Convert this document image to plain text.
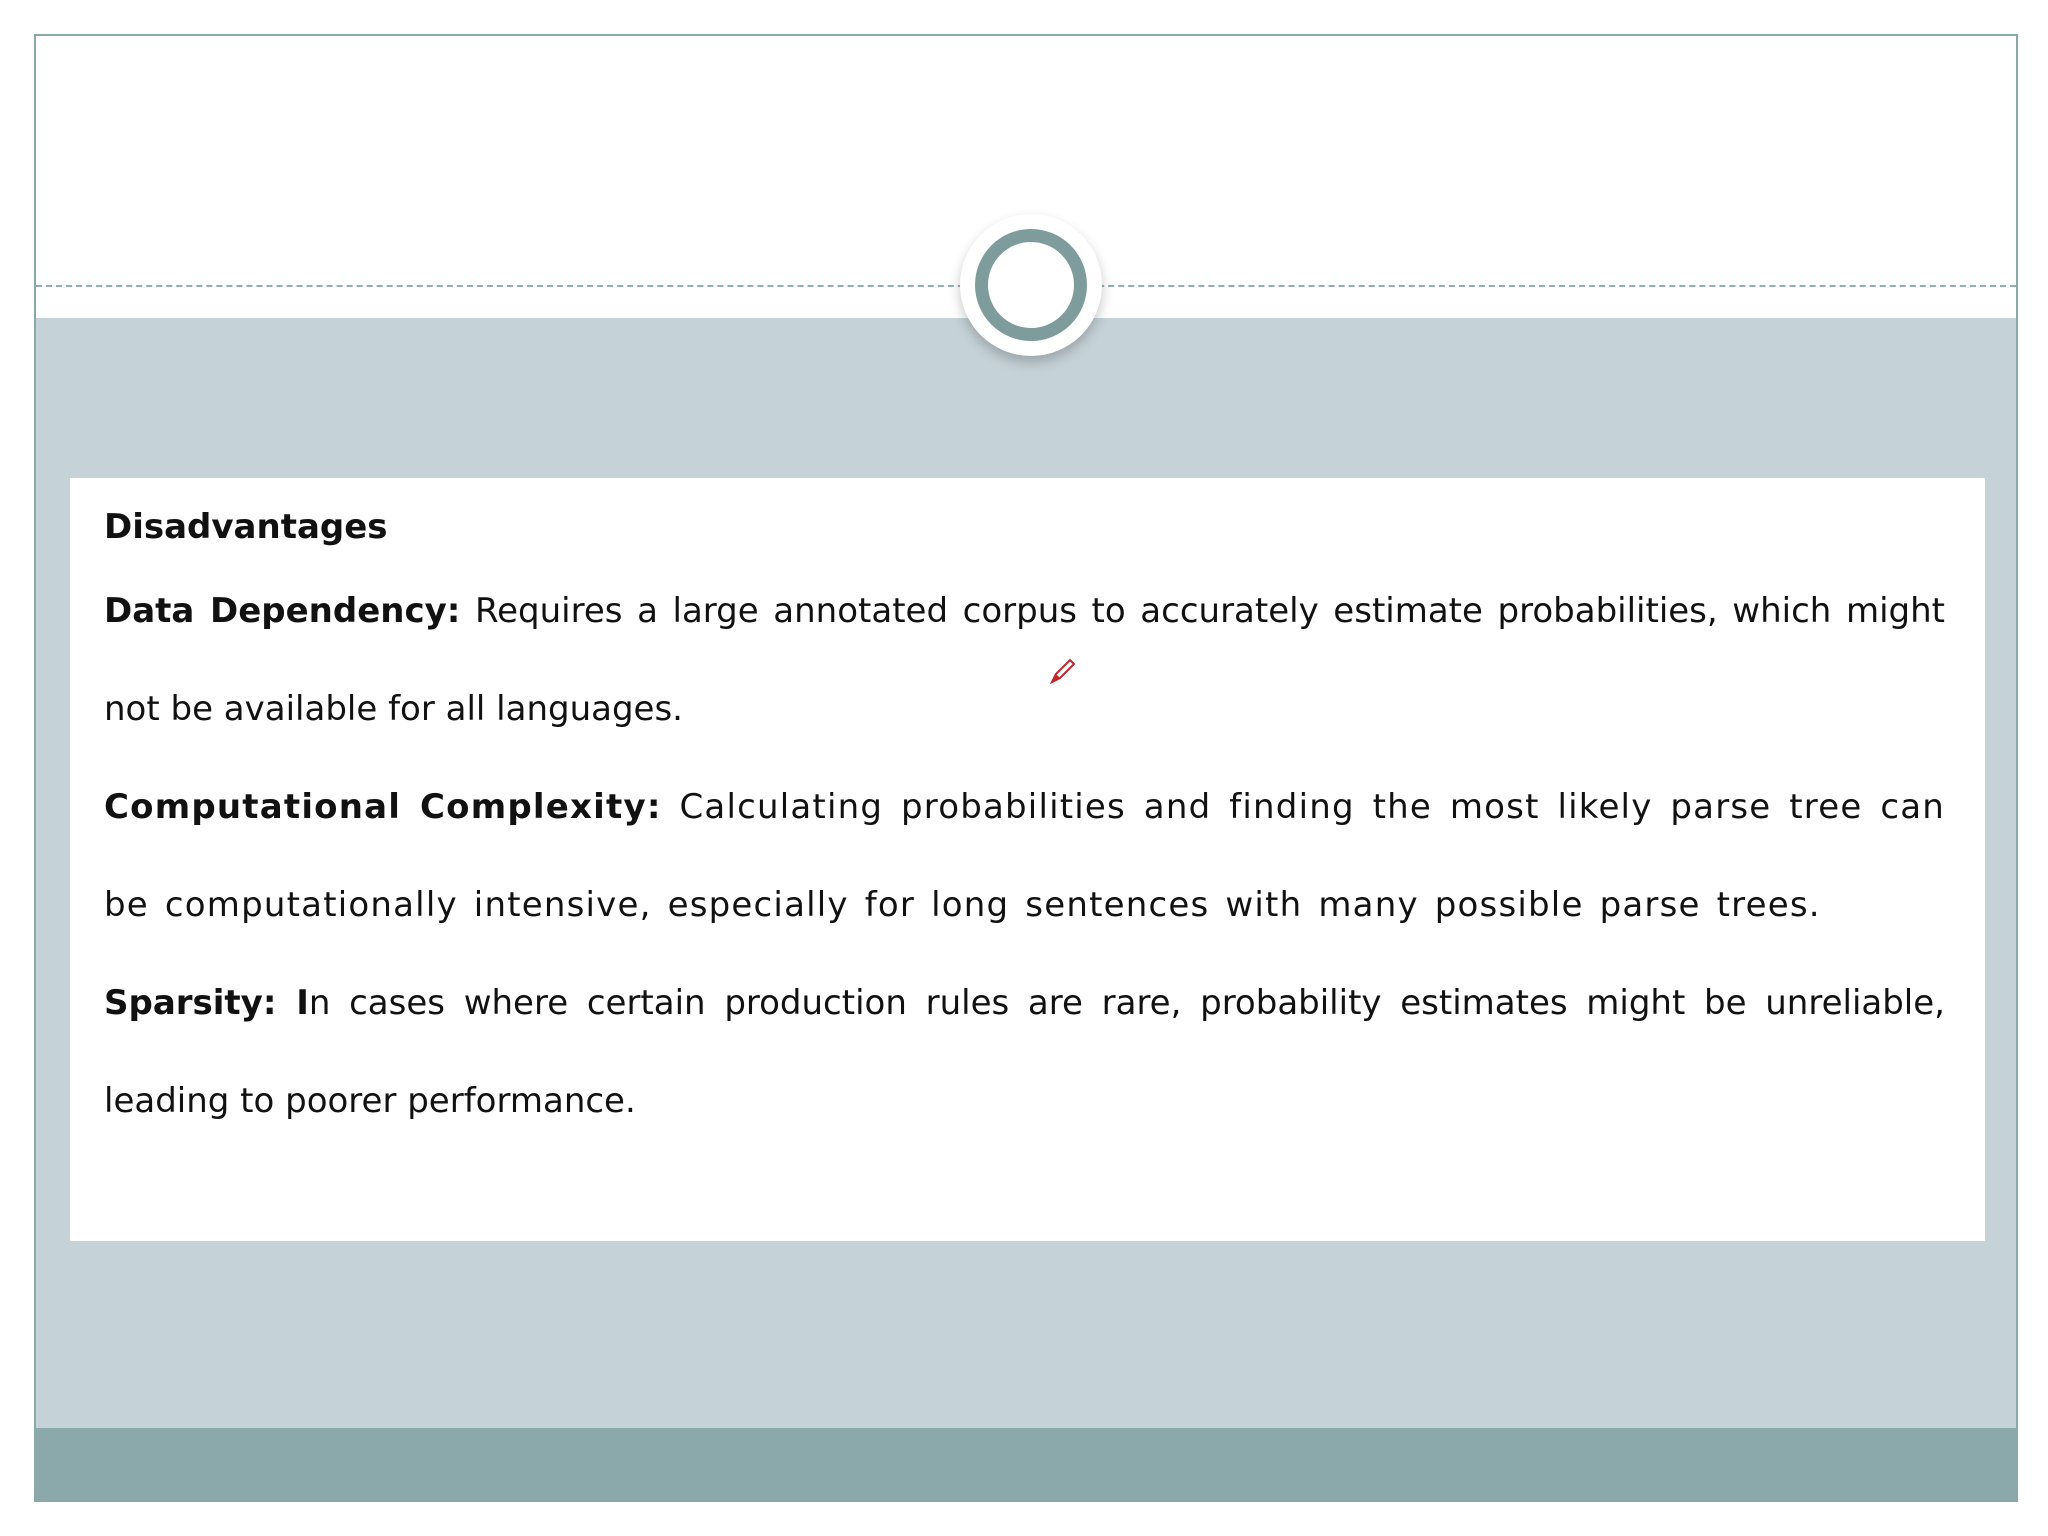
Disadvantages

Data Dependency: Requires a large annotated corpus to accurately estimate probabilities, which might not be available for all languages.

Computational Complexity: Calculating probabilities and finding the most likely parse tree can be computationally intensive, especially for long sentences with many possible parse trees.

Sparsity: In cases where certain production rules are rare, probability estimates might be unreliable, leading to poorer performance.
